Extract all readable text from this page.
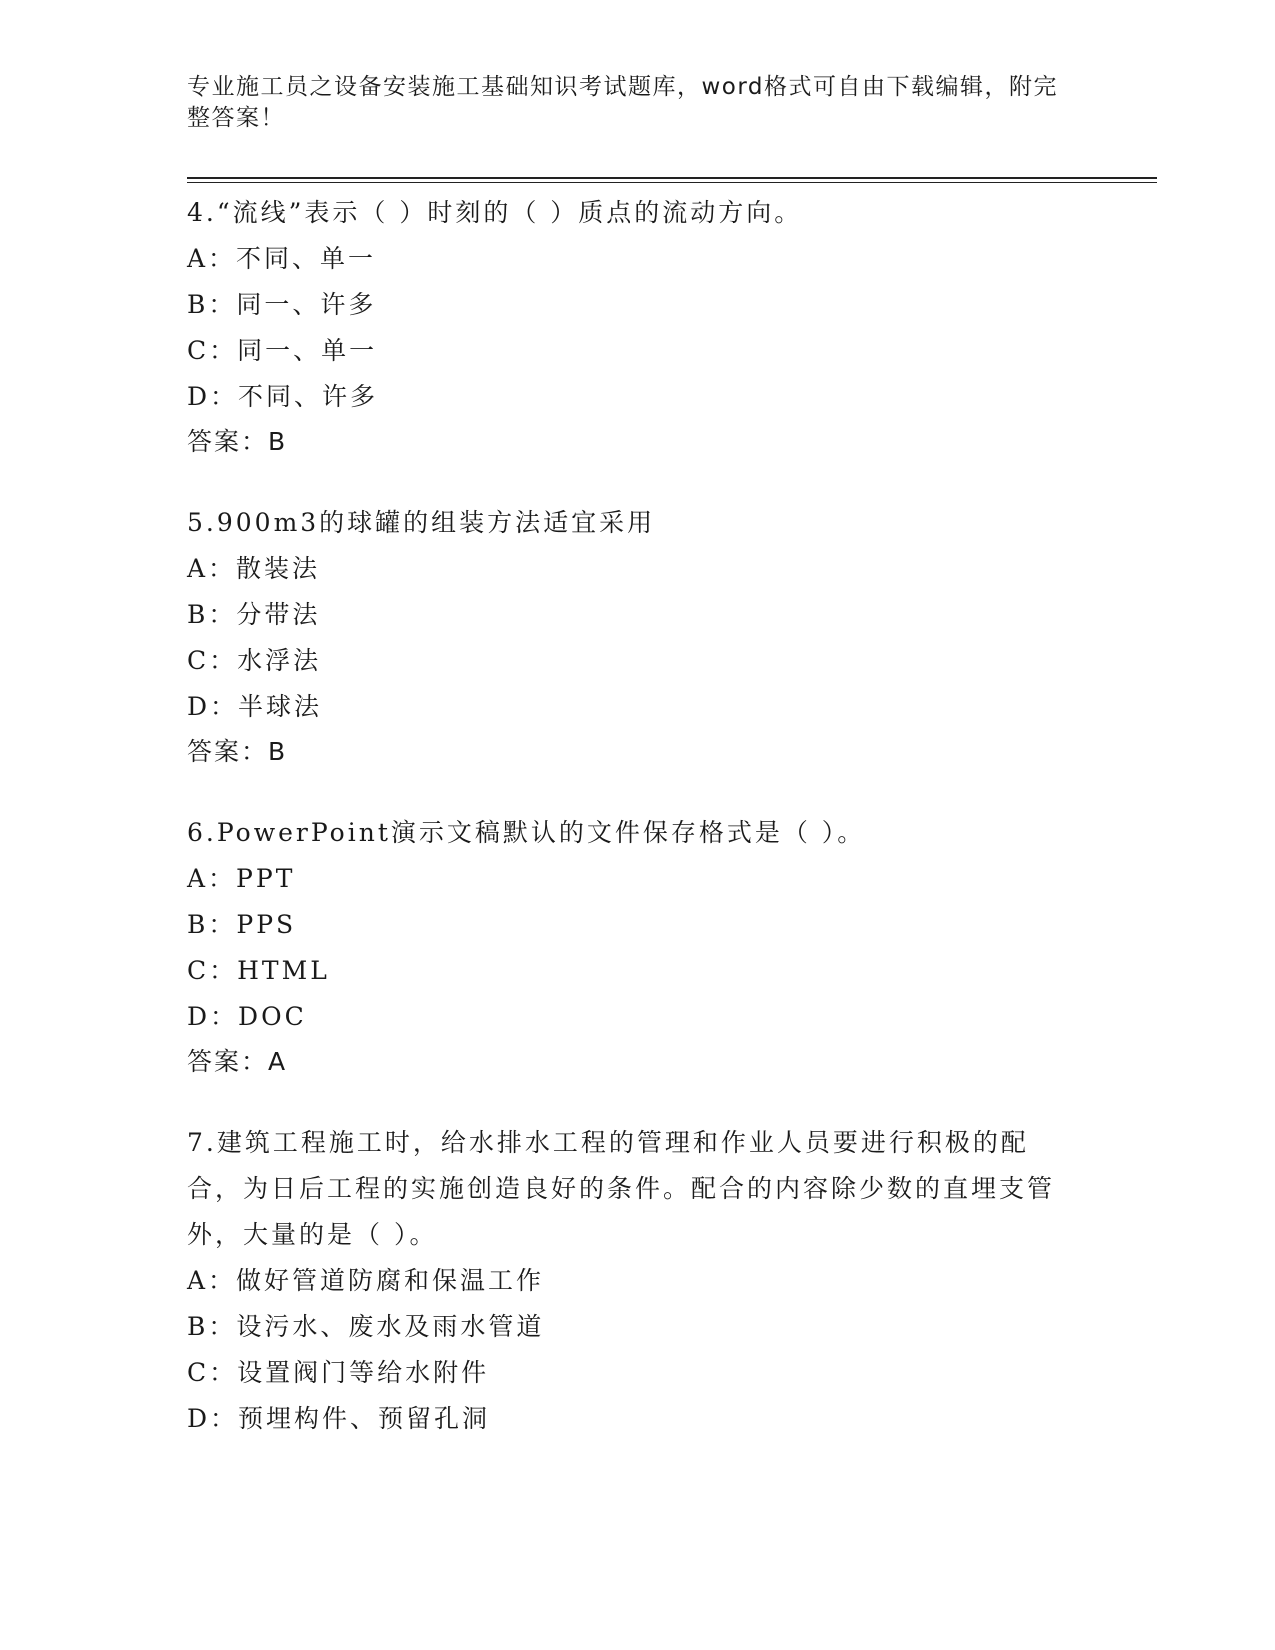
专业施工员之设备安装施工基础知识考试题库，word格式可自由下载编辑，附完整答案！
4.“流线”表示（ ）时刻的（ ）质点的流动方向。
A：不同、单一
B：同一、许多
C：同一、单一
D：不同、许多
答案：B
5.900m3的球罐的组装方法适宜采用
A：散装法
B：分带法
C：水浮法
D：半球法
答案：B
6.PowerPoint演示文稿默认的文件保存格式是（ ）。
A：PPT
B：PPS
C：HTML
D：DOC
答案：A
7.建筑工程施工时，给水排水工程的管理和作业人员要进行积极的配合，为日后工程的实施创造良好的条件。配合的内容除少数的直埋支管外，大量的是（ ）。
A：做好管道防腐和保温工作
B：设污水、废水及雨水管道
C：设置阀门等给水附件
D：预埋构件、预留孔洞
